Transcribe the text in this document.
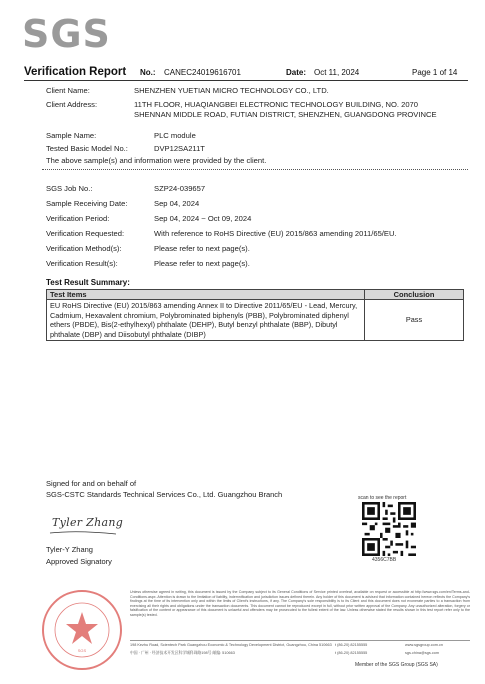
SGS
Verification Report No.: CANEC24019616701	Date: Oct 11, 2024	Page 1 of 14
Client Name:	SHENZHEN YUETIAN MICRO TECHNOLOGY CO., LTD.
Client Address:	11TH FLOOR, HUAQIANGBEI ELECTRONIC TECHNOLOGY BUILDING, NO. 2070
SHENNAN MIDDLE ROAD, FUTIAN DISTRICT, SHENZHEN, GUANGDONG PROVINCE
Sample Name:	PLC module
Tested Basic Model No.:	DVP12SA211T
The above sample(s) and information were provided by the client.
SGS Job No.:	SZP24-039657
Sample Receiving Date:	Sep 04, 2024
Verification Period:	Sep 04, 2024 ~ Oct 09, 2024
Verification Requested:	With reference to RoHS Directive (EU) 2015/863 amending 2011/65/EU.
Verification Method(s):	Please refer to next page(s).
Verification Result(s):	Please refer to next page(s).
Test Result Summary:
Test Items	Conclusion
EU RoHS Directive (EU) 2015/863 amending Annex II to Directive 2011/65/EU - Lead, Mercury, Cadmium, Hexavalent chromium, Polybrominated biphenyls (PBB), Polybrominated diphenyl ethers (PBDE), Bis(2-ethylhexyl) phthalate (DEHP), Butyl benzyl phthalate (BBP), Dibutyl phthalate (DBP) and Diisobutyl phthalate (DIBP)	Pass
Signed for and on behalf of
SGS-CSTC Standards Technical Services Co., Ltd. Guangzhou Branch
Tyler Zhang
Tyler-Y Zhang
Approved Signatory
scan to see the report
4356C7BB
SGS
Unless otherwise agreed in writing, this document is issued by the Company subject to its General Conditions of Service printed overleaf, available on request or accessible at http://www.sgs.com/en/Terms-and-Conditions.aspx. Attention is drawn to the limitation of liability, indemnification and jurisdiction issues defined therein. Any holder of this document is advised that information contained hereon reflects the Company's findings at the time of its intervention only and within the limits of Client's instructions, if any. The Company's sole responsibility is to its Client and this document does not exonerate parties to a transaction from exercising all their rights and obligations under the transaction documents. This document cannot be reproduced except in full, without prior written approval of the Company. Any unauthorized alteration, forgery or falsification of the content or appearance of this document is unlawful and offenders may be prosecuted to the fullest extent of the law. Unless otherwise stated the results shown in this test report refer only to the sample(s) tested.
198 Kezhu Road, Scientech Park Guangzhou Economic & Technology Development District, Guangzhou, China 510663
中国 · 广州 · 经济技术开发区科学城科珠路198号 邮编: 510663
t (86-20) 82155555
t (86-20) 82155555
www.sgsgroup.com.cn
sgs.china@sgs.com
Member of the SGS Group (SGS SA)
